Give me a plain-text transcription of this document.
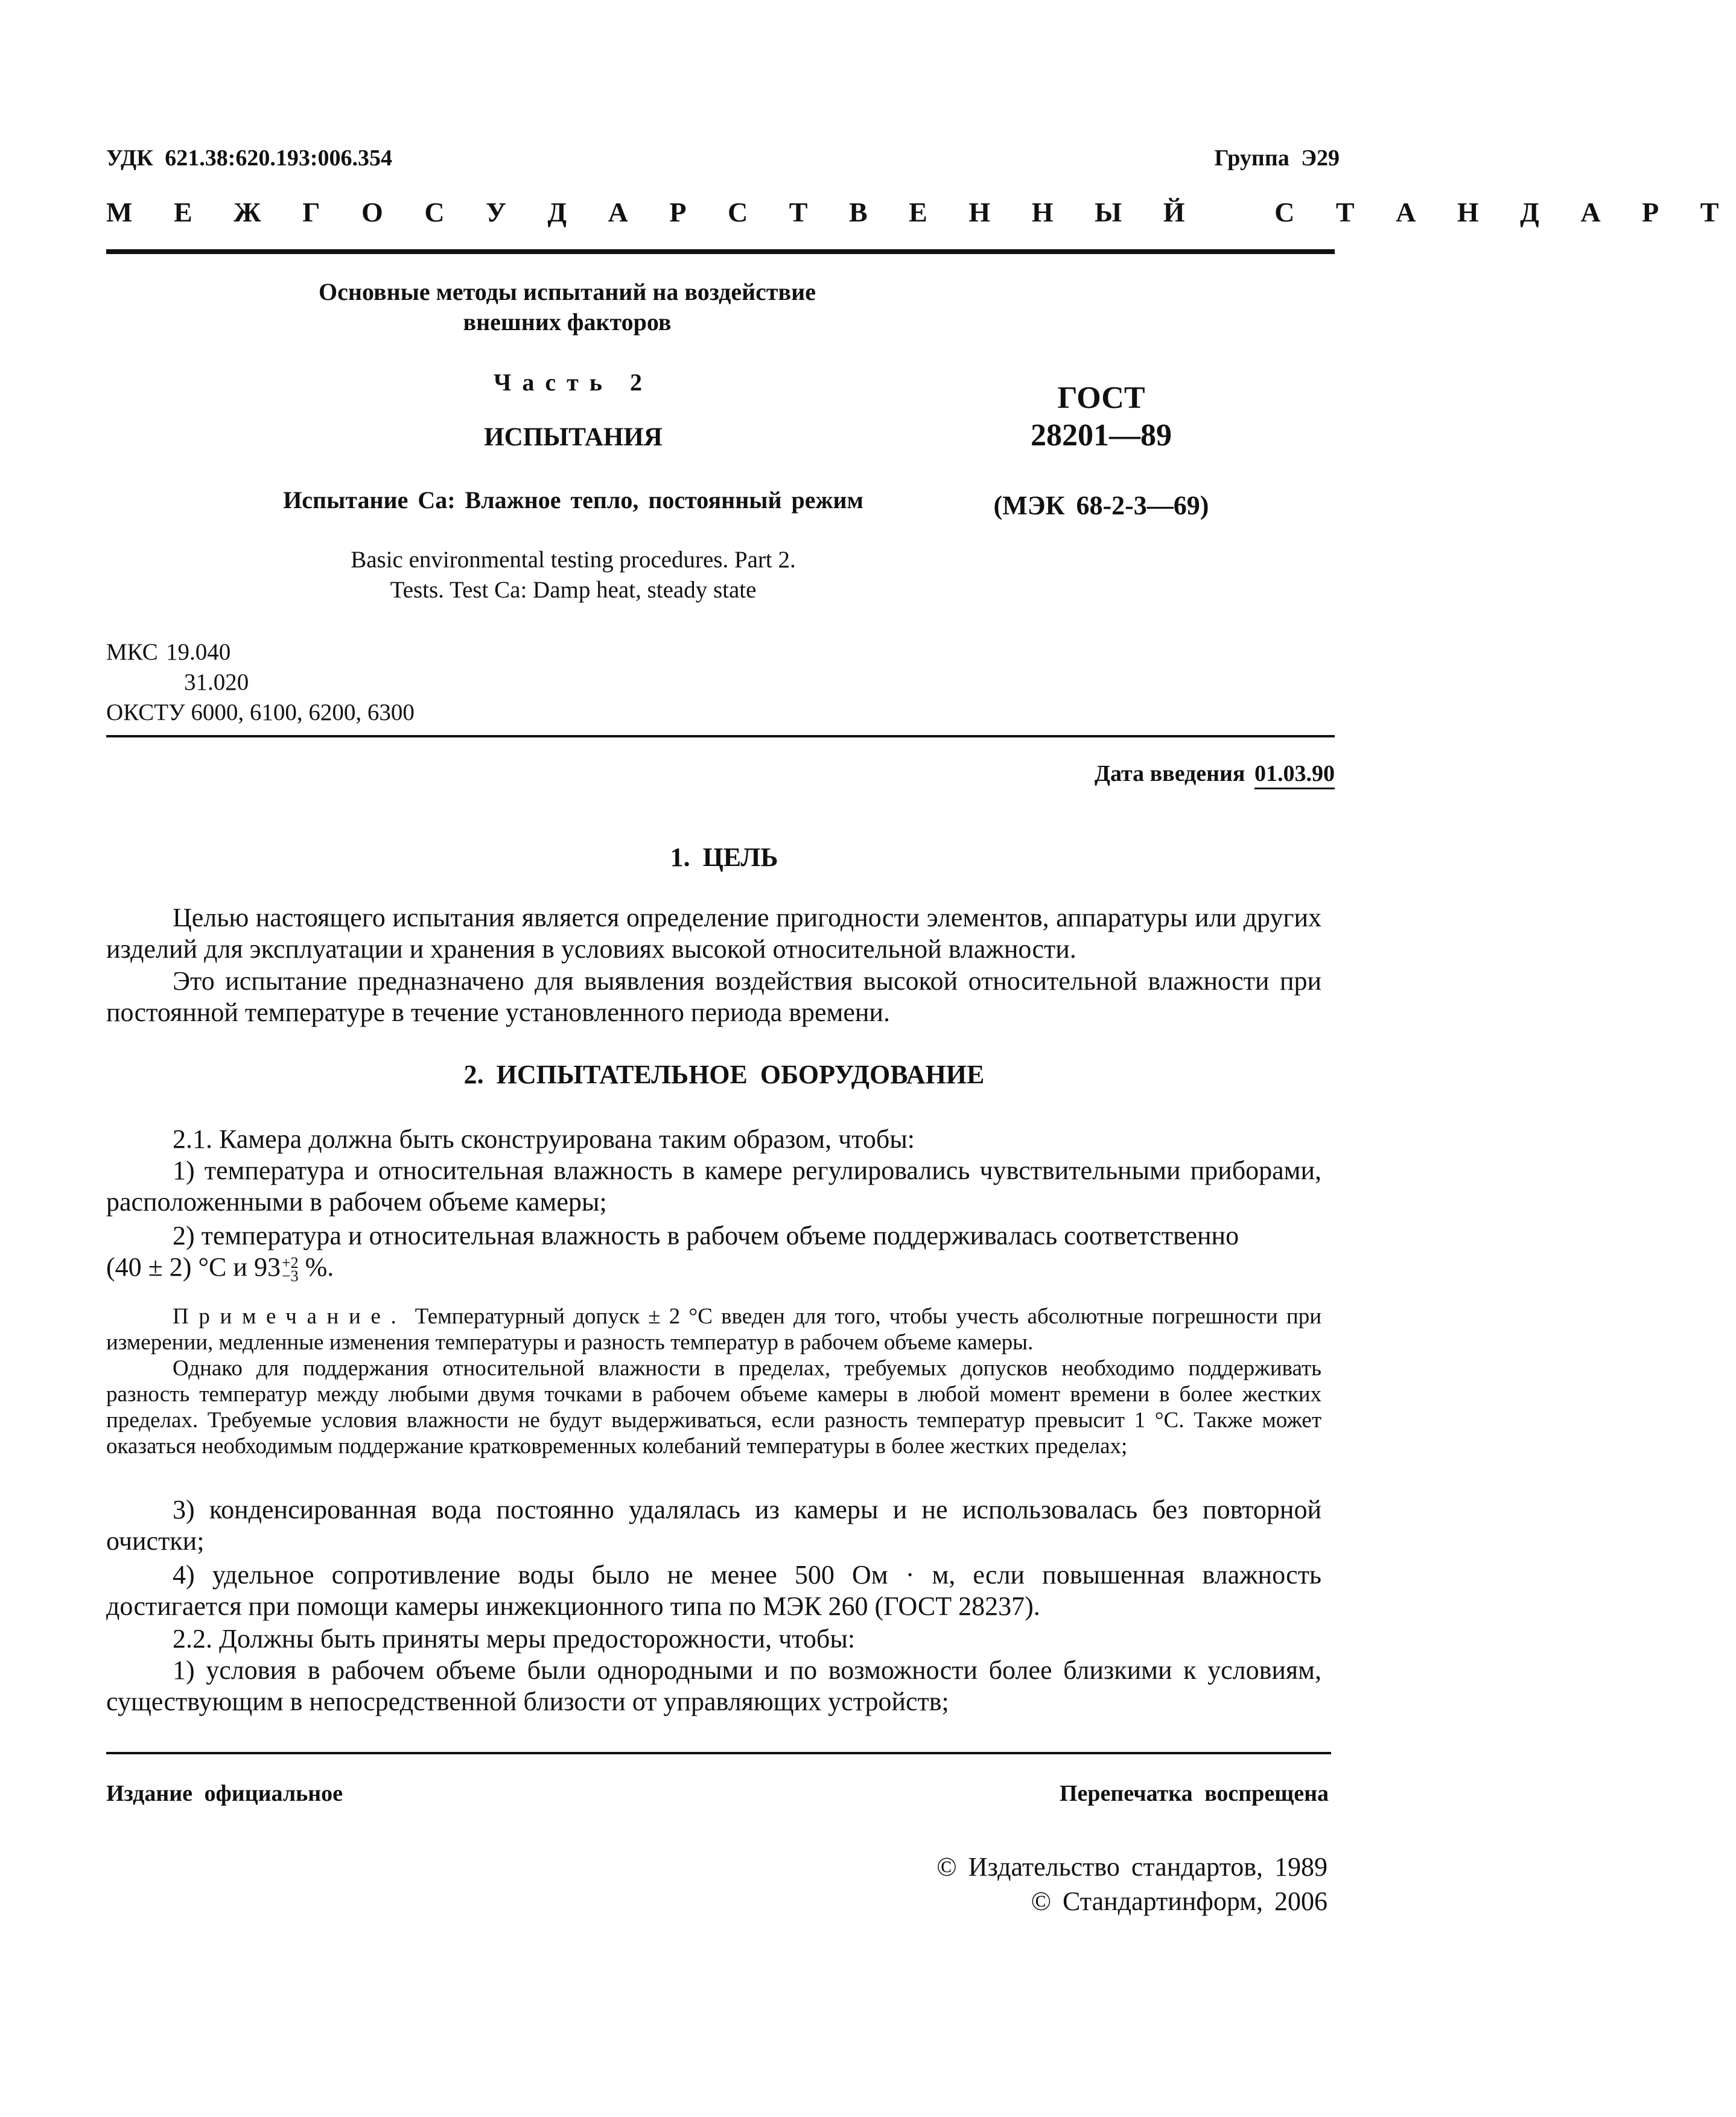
УДК 621.38:620.193:006.354	Группа Э29
М Е Ж Г О С У Д А Р С Т В Е Н Н Ы Й   С Т А Н Д А Р Т
Основные методы испытаний на воздействие
внешних факторов
Часть 2
ИСПЫТАНИЯ
Испытание Са: Влажное тепло, постоянный режим
Basic environmental testing procedures. Part 2.
Tests. Test Ca: Damp heat, steady state
ГОСТ
28201—89
(МЭК 68-2-3—69)
МКС 19.040
31.020
ОКСТУ 6000, 6100, 6200, 6300
Дата введения 01.03.90
1. ЦЕЛЬ
Целью настоящего испытания является определение пригодности элементов, аппаратуры или других изделий для эксплуатации и хранения в условиях высокой относительной влажности.
Это испытание предназначено для выявления воздействия высокой относительной влажности при постоянной температуре в течение установленного периода времени.
2. ИСПЫТАТЕЛЬНОЕ ОБОРУДОВАНИЕ
2.1. Камера должна быть сконструирована таким образом, чтобы:
1) температура и относительная влажность в камере регулировались чувствительными приборами, расположенными в рабочем объеме камеры;
2) температура и относительная влажность в рабочем объеме поддерживалась соответственно
(40 ± 2) °С и 93 +2
−3 %.
Примечание. Температурный допуск ± 2 °С введен для того, чтобы учесть абсолютные погрешности при измерении, медленные изменения температуры и разность температур в рабочем объеме камеры.
Однако для поддержания относительной влажности в пределах, требуемых допусков необходимо поддерживать разность температур между любыми двумя точками в рабочем объеме камеры в любой момент времени в более жестких пределах. Требуемые условия влажности не будут выдерживаться, если разность температур превысит 1 °С. Также может оказаться необходимым поддержание кратковременных колебаний температуры в более жестких пределах;
3) конденсированная вода постоянно удалялась из камеры и не использовалась без повторной очистки;
4) удельное сопротивление воды было не менее 500 Ом · м, если повышенная влажность достигается при помощи камеры инжекционного типа по МЭК 260 (ГОСТ 28237).
2.2. Должны быть приняты меры предосторожности, чтобы:
1) условия в рабочем объеме были однородными и по возможности более близкими к условиям, существующим в непосредственной близости от управляющих устройств;
Издание официальное	Перепечатка воспрещена
© Издательство стандартов, 1989
© Стандартинформ, 2006
